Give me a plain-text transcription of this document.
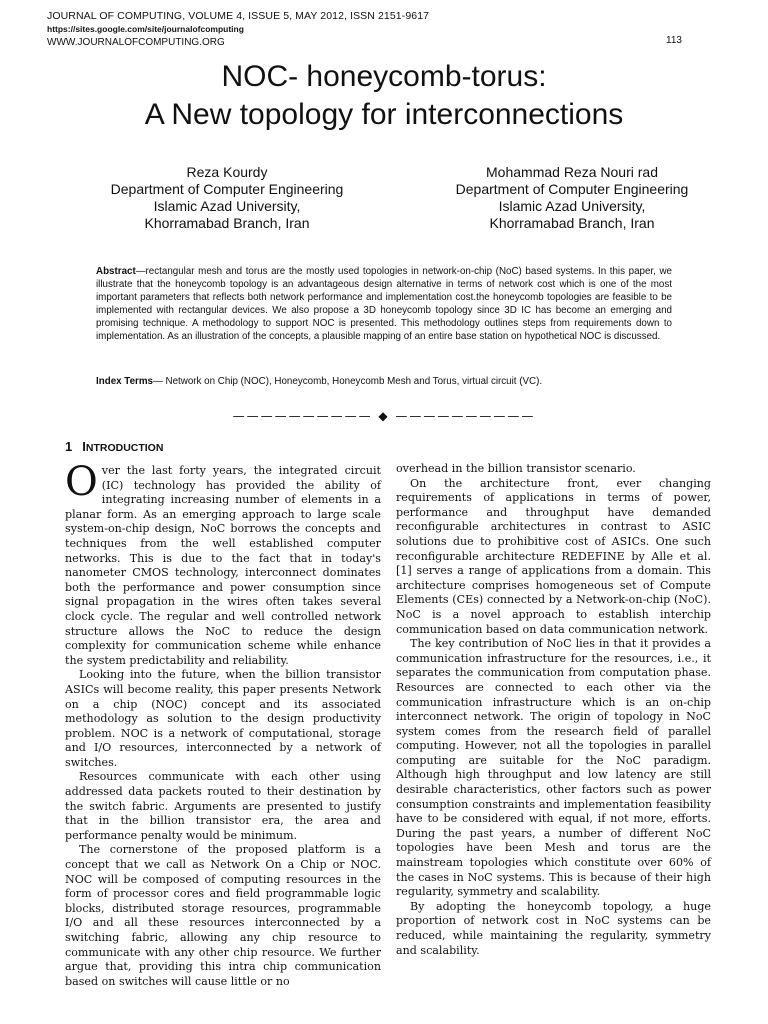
JOURNAL OF COMPUTING, VOLUME 4, ISSUE 5, MAY 2012, ISSN 2151-9617
https://sites.google.com/site/journalofcomputing
WWW.JOURNALOFCOMPUTING.ORG	113
NOC- honeycomb-torus:
A New topology for interconnections
Reza Kourdy
Department of Computer Engineering
Islamic Azad University,
Khorramabad Branch, Iran
Mohammad Reza Nouri rad
Department of Computer Engineering
Islamic Azad University,
Khorramabad Branch, Iran
Abstract—rectangular mesh and torus are the mostly used topologies in network-on-chip (NoC) based systems. In this paper, we illustrate that the honeycomb topology is an advantageous design alternative in terms of network cost which is one of the most important parameters that reflects both network performance and implementation cost.the honeycomb topologies are feasible to be implemented with rectangular devices. We also propose a 3D honeycomb topology since 3D IC has become an emerging and promising technique. A methodology to support NOC is presented. This methodology outlines steps from requirements down to implementation. As an illustration of the concepts, a plausible mapping of an entire base station on hypothetical NOC is discussed.
Index Terms— Network on Chip (NOC), Honeycomb, Honeycomb Mesh and Torus, virtual circuit (VC).
—————————— ◆ ——————————
1 INTRODUCTION

Over the last forty years, the integrated circuit (IC) technology has provided the ability of integrating increasing number of elements in a planar form. As an emerging approach to large scale system-on-chip design, NoC borrows the concepts and techniques from the well established computer networks. This is due to the fact that in today's nanometer CMOS technology, interconnect dominates both the performance and power consumption since signal propagation in the wires often takes several clock cycle. The regular and well controlled network structure allows the NoC to reduce the design complexity for communication scheme while enhance the system predictability and reliability.

Looking into the future, when the billion transistor ASICs will become reality, this paper presents Network on a chip (NOC) concept and its associated methodology as solution to the design productivity problem. NOC is a network of computational, storage and I/O resources, interconnected by a network of switches.

Resources communicate with each other using addressed data packets routed to their destination by the switch fabric. Arguments are presented to justify that in the billion transistor era, the area and performance penalty would be minimum.

The cornerstone of the proposed platform is a concept that we call as Network On a Chip or NOC. NOC will be composed of computing resources in the form of processor cores and field programmable logic blocks, distributed storage resources, programmable I/O and all these resources interconnected by a switching fabric, allowing any chip resource to communicate with any other chip resource. We further argue that, providing this intra chip communication based on switches will cause little or no

overhead in the billion transistor scenario.

On the architecture front, ever changing requirements of applications in terms of power, performance and throughput have demanded reconfigurable architectures in contrast to ASIC solutions due to prohibitive cost of ASICs. One such reconfigurable architecture REDEFINE by Alle et al. [1] serves a range of applications from a domain. This architecture comprises homogeneous set of Compute Elements (CEs) connected by a Network-on-chip (NoC). NoC is a novel approach to establish interchip communication based on data communication network.

The key contribution of NoC lies in that it provides a communication infrastructure for the resources, i.e., it separates the communication from computation phase. Resources are connected to each other via the communication infrastructure which is an on-chip interconnect network. The origin of topology in NoC system comes from the research field of parallel computing. However, not all the topologies in parallel computing are suitable for the NoC paradigm. Although high throughput and low latency are still desirable characteristics, other factors such as power consumption constraints and implementation feasibility have to be considered with equal, if not more, efforts. During the past years, a number of different NoC topologies have been Mesh and torus are the mainstream topologies which constitute over 60% of the cases in NoC systems. This is because of their high regularity, symmetry and scalability.

By adopting the honeycomb topology, a huge proportion of network cost in NoC systems can be reduced, while maintaining the regularity, symmetry and scalability.
